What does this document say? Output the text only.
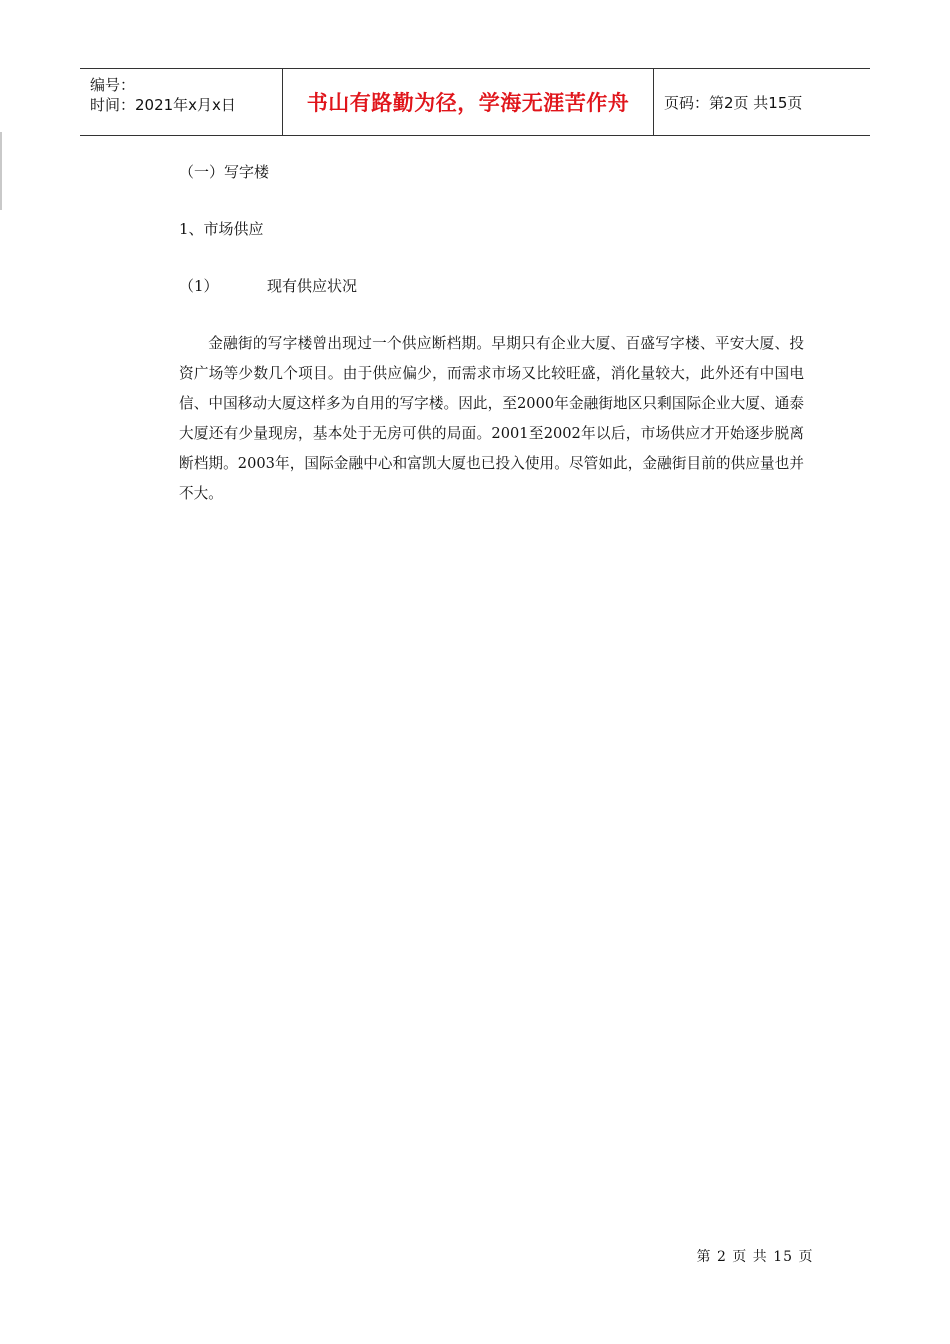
编号：
时间：2021年x月x日	书山有路勤为径，学海无涯苦作舟 页码：第2页 共15页
（一）写字楼
1、市场供应
（1）	现有供应状况

金融街的写字楼曾出现过一个供应断档期。早期只有企业大厦、百盛写字楼、平安大厦、投资广场等少数几个项目。由于供应偏少，而需求市场又比较旺盛，消化量较大，此外还有中国电信、中国移动大厦这样多为自用的写字楼。因此，至2000年金融街地区只剩国际企业大厦、通泰大厦还有少量现房，基本处于无房可供的局面。2001至2002年以后，市场供应才开始逐步脱离断档期。2003年，国际金融中心和富凯大厦也已投入使用。尽管如此，金融街目前的供应量也并不大。

第 2 页 共 15 页
